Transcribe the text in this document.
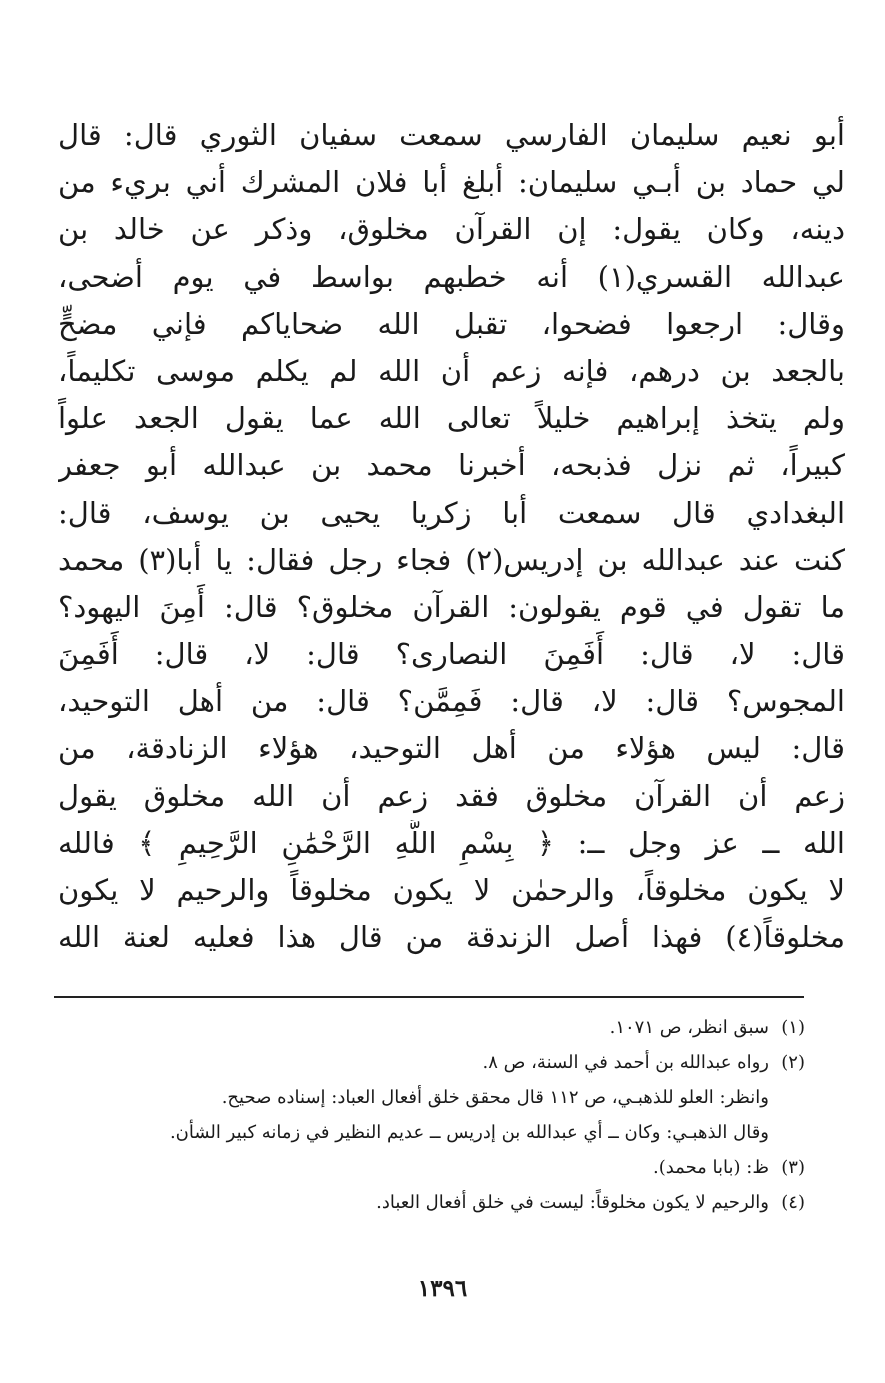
أبو نعيم سليمان الفارسي سمعت سفيان الثوري قال: قال
لي حماد بن أبـي سليمان: أبلغ أبا فلان المشرك أني بريء من
دينه، وكان يقول: إن القرآن مخلوق، وذكر عن خالد بن
عبدالله القسري(١) أنه خطبهم بواسط في يوم أضحى،
وقال: ارجعوا فضحوا، تقبل الله ضحاياكم فإني مضحٍّ
بالجعد بن درهم، فإنه زعم أن الله لم يكلم موسى تكليماً،
ولم يتخذ إبراهيم خليلاً تعالى الله عما يقول الجعد علواً
كبيراً، ثم نزل فذبحه، أخبرنا محمد بن عبدالله أبو جعفر
البغدادي قال سمعت أبا زكريا يحيى بن يوسف، قال:
كنت عند عبدالله بن إدريس(٢) فجاء رجل فقال: يا أبا(٣) محمد
ما تقول في قوم يقولون: القرآن مخلوق؟ قال: أَمِنَ اليهود؟
قال: لا، قال: أَفَمِنَ النصارى؟ قال: لا، قال: أَفَمِنَ
المجوس؟ قال: لا، قال: فَمِمَّن؟ قال: من أهل التوحيد،
قال: ليس هؤلاء من أهل التوحيد، هؤلاء الزنادقة، من
زعم أن القرآن مخلوق فقد زعم أن الله مخلوق يقول
الله ــ عز وجل ــ: ﴿ بِسْمِ اللَّهِ الرَّحْمَٰنِ الرَّحِيمِ ﴾ فالله
لا يكون مخلوقاً، والرحمٰن لا يكون مخلوقاً والرحيم لا يكون
مخلوقاً(٤) فهذا أصل الزندقة من قال هذا فعليه لعنة الله
(١)سبق انظر، ص ١٠٧١.
(٢)رواه عبدالله بن أحمد في السنة، ص ٨.
وانظر: العلو للذهبـي، ص ١١٢ قال محقق خلق أفعال العباد: إسناده صحيح.
وقال الذهبـي: وكان ــ أي عبدالله بن إدريس ــ عديم النظير في زمانه كبير الشأن.
(٣)ظ: (بابا محمد).
(٤)والرحيم لا يكون مخلوقاً: ليست في خلق أفعال العباد.
١٣٩٦
